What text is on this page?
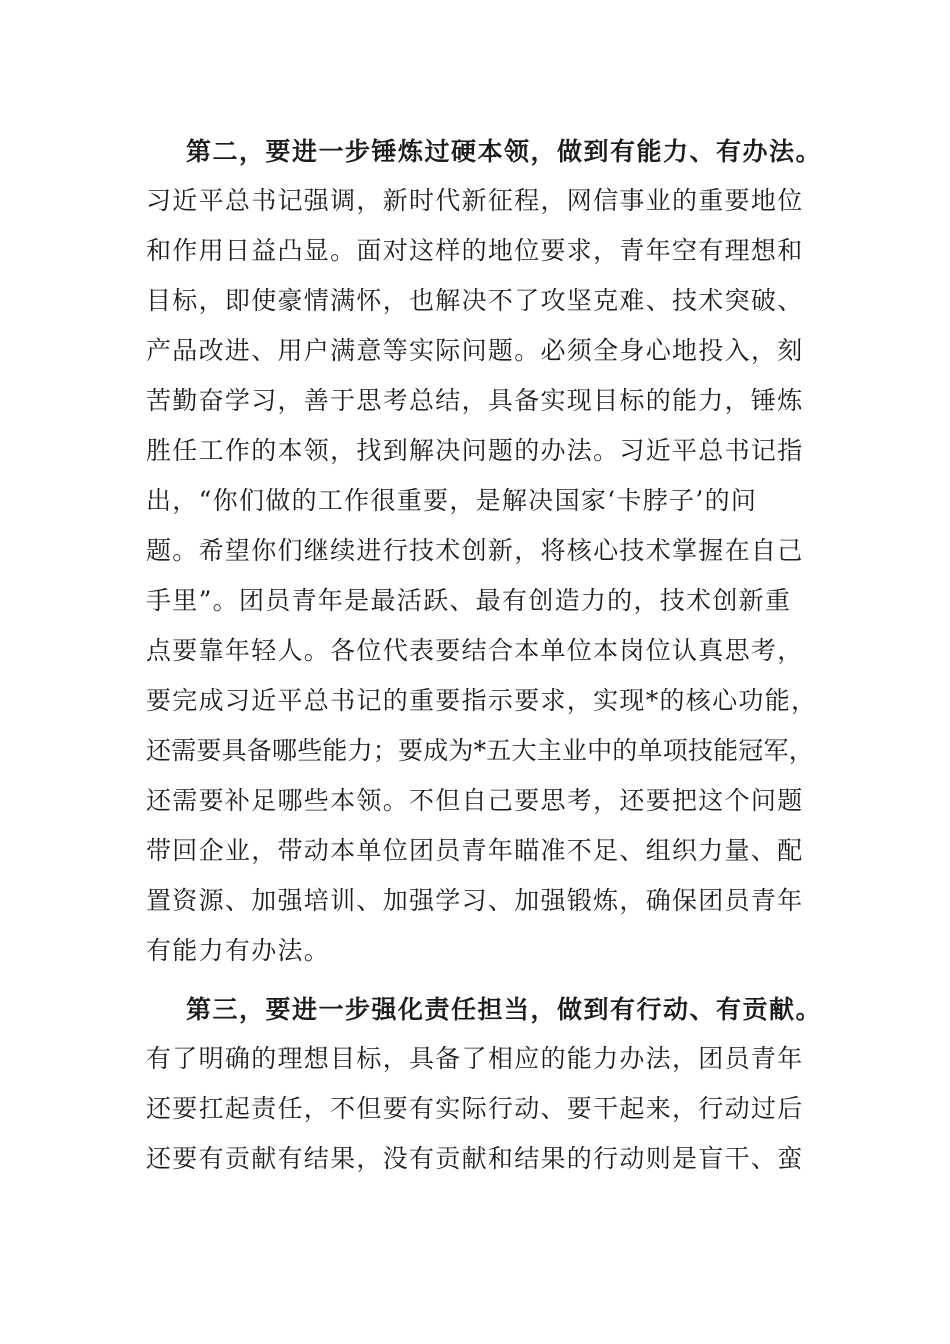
第二，要进一步锤炼过硬本领，做到有能力、有办法。
习近平总书记强调，新时代新征程，网信事业的重要地位
和作用日益凸显。面对这样的地位要求，青年空有理想和
目标，即使豪情满怀，也解决不了攻坚克难、技术突破、
产品改进、用户满意等实际问题。必须全身心地投入，刻
苦勤奋学习，善于思考总结，具备实现目标的能力，锤炼
胜任工作的本领，找到解决问题的办法。习近平总书记指
出，“你们做的工作很重要，是解决国家‘卡脖子’的问
题。希望你们继续进行技术创新，将核心技术掌握在自己
手里”。团员青年是最活跃、最有创造力的，技术创新重
点要靠年轻人。各位代表要结合本单位本岗位认真思考，
要完成习近平总书记的重要指示要求，实现*的核心功能，
还需要具备哪些能力；要成为*五大主业中的单项技能冠军，
还需要补足哪些本领。不但自己要思考，还要把这个问题
带回企业，带动本单位团员青年瞄准不足、组织力量、配
置资源、加强培训、加强学习、加强锻炼，确保团员青年
有能力有办法。
第三，要进一步强化责任担当，做到有行动、有贡献。
有了明确的理想目标，具备了相应的能力办法，团员青年
还要扛起责任，不但要有实际行动、要干起来，行动过后
还要有贡献有结果，没有贡献和结果的行动则是盲干、蛮
